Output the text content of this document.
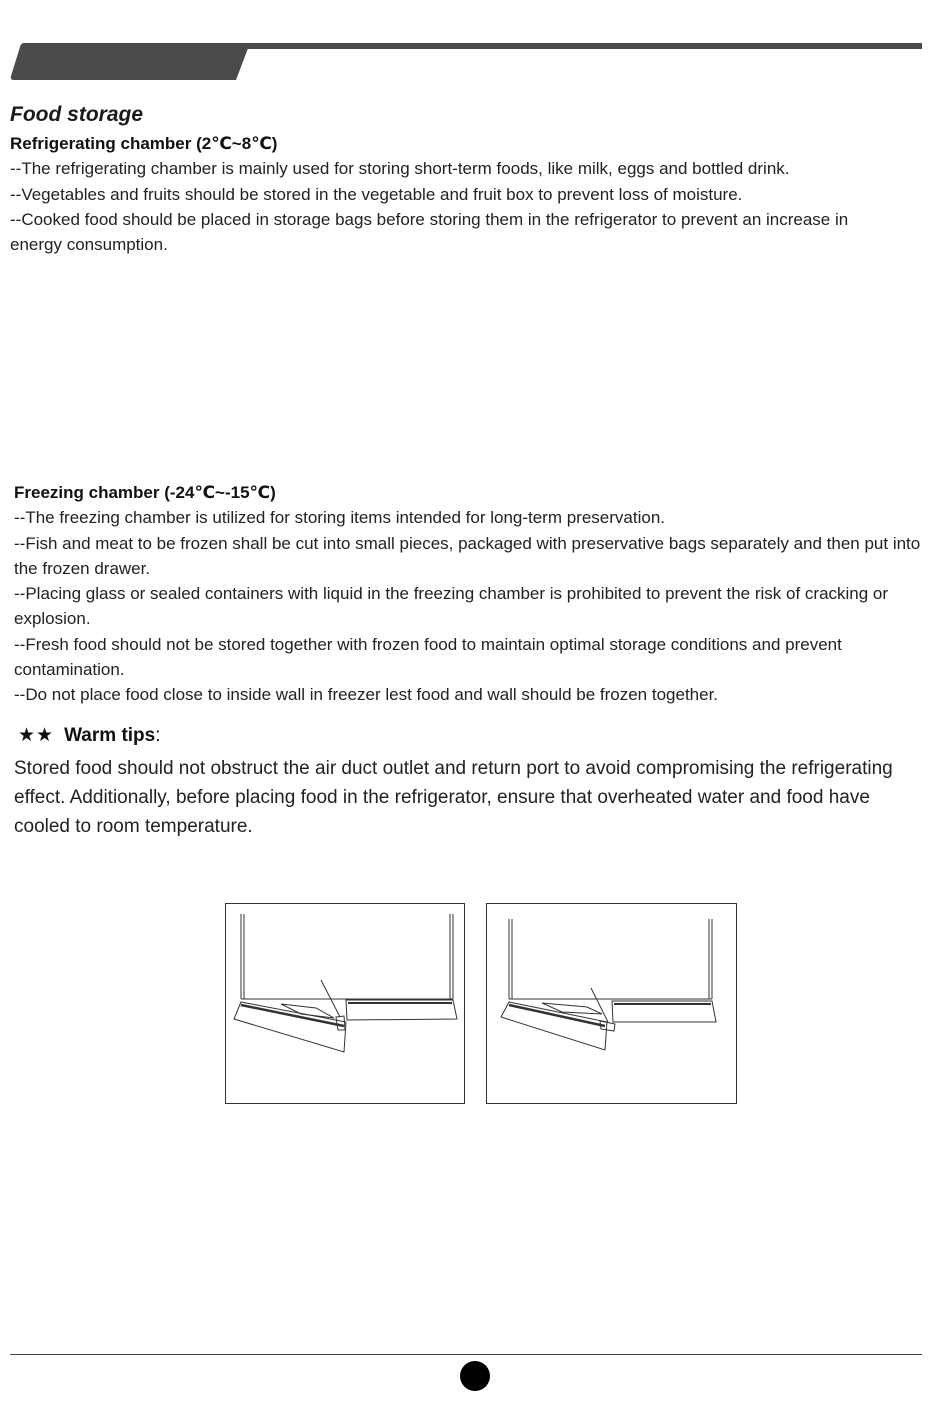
Food storage
Refrigerating chamber (2℃~8℃)

--The refrigerating chamber is mainly used for storing short-term foods, like milk, eggs and bottled drink.

--Vegetables and fruits should be stored in the vegetable and fruit box to prevent loss of moisture.

--Cooked food should be placed in storage bags before storing them in the refrigerator to prevent an increase in energy consumption.

Freezing chamber (-24℃~-15℃)

--The freezing chamber is utilized for storing items intended for long-term preservation.

--Fish and meat to be frozen shall be cut into small pieces, packaged with preservative bags separately and then put into the frozen drawer.

--Placing glass or sealed containers with liquid in the freezing chamber is prohibited to prevent the risk of cracking or explosion.

--Fresh food should not be stored together with frozen food to maintain optimal storage conditions and prevent contamination.

--Do not place food close to inside wall in freezer lest food and wall should be frozen together.

★★ Warm tips:

Stored food should not obstruct the air duct outlet and return port to avoid compromising the refrigerating effect. Additionally, before placing food in the refrigerator, ensure that overheated water and food have cooled to room temperature.
